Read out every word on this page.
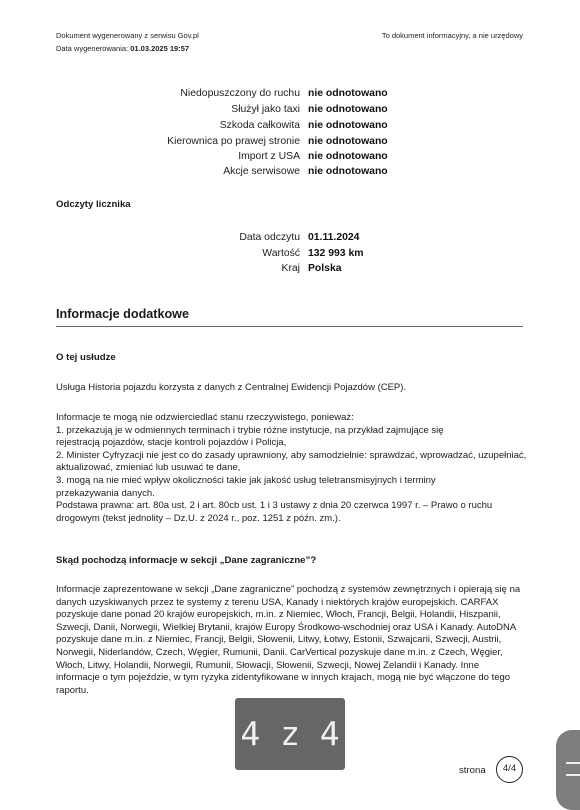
Dokument wygenerowany z serwisu Gov.pl
Data wygenerowania: 01.03.2025 19:57
To dokument informacyjny, a nie urzędowy
Niedopuszczony do ruchu nie odnotowano
Służył jako taxi nie odnotowano
Szkoda całkowita nie odnotowano
Kierownica po prawej stronie nie odnotowano
Import z USA nie odnotowano
Akcje serwisowe nie odnotowano
Odczyty licznika
Data odczytu 01.11.2024
Wartość 132 993 km
Kraj Polska
Informacje dodatkowe
O tej usłudze
Usługa Historia pojazdu korzysta z danych z Centralnej Ewidencji Pojazdów (CEP).
Informacje te mogą nie odzwierciedlać stanu rzeczywistego, ponieważ:
1. przekazują je w odmiennych terminach i trybie różne instytucje, na przykład zajmujące się
rejestracją pojazdów, stacje kontroli pojazdów i Policja,
2. Minister Cyfryzacji nie jest co do zasady uprawniony, aby samodzielnie: sprawdzać, wprowadzać, uzupełniać,
aktualizować, zmieniać lub usuwać te dane,
3. mogą na nie mieć wpływ okoliczności takie jak jakość usług teletransmisyjnych i terminy
przekazywania danych.
Podstawa prawna: art. 80a ust. 2 i art. 80cb ust. 1 i 3 ustawy z dnia 20 czerwca 1997 r. – Prawo o ruchu
drogowym (tekst jednolity – Dz.U. z 2024 r., poz. 1251 z późn. zm.).
Skąd pochodzą informacje w sekcji „Dane zagraniczne”?
Informacje zaprezentowane w sekcji „Dane zagraniczne” pochodzą z systemów zewnętrznych i opierają się na
danych uzyskiwanych przez te systemy z terenu USA, Kanady i niektórych krajów europejskich. CARFAX
pozyskuje dane ponad 20 krajów europejskich, m.in. z Niemiec, Włoch, Francji, Belgii, Holandii, Hiszpanii,
Szwecji, Danii, Norwegii, Wielkiej Brytanii, krajów Europy Środkowo-wschodniej oraz USA i Kanady. AutoDNA
pozyskuje dane m.in. z Niemiec, Francji, Belgii, Słowenii, Litwy, Łotwy, Estonii, Szwajcarii, Szwecji, Austrii,
Norwegii, Niderlandów, Czech, Węgier, Rumunii, Danii. CarVertical pozyskuje dane m.in. z Czech, Węgier,
Włoch, Litwy, Holandii, Norwegii, Rumunii, Słowacji, Słowenii, Szwecji, Nowej Zelandii i Kanady. Inne
informacje o tym pojeździe, w tym ryzyka zidentyfikowane w innych krajach, mogą nie być włączone do tego
raportu.
4 z 4
strona	4/4
